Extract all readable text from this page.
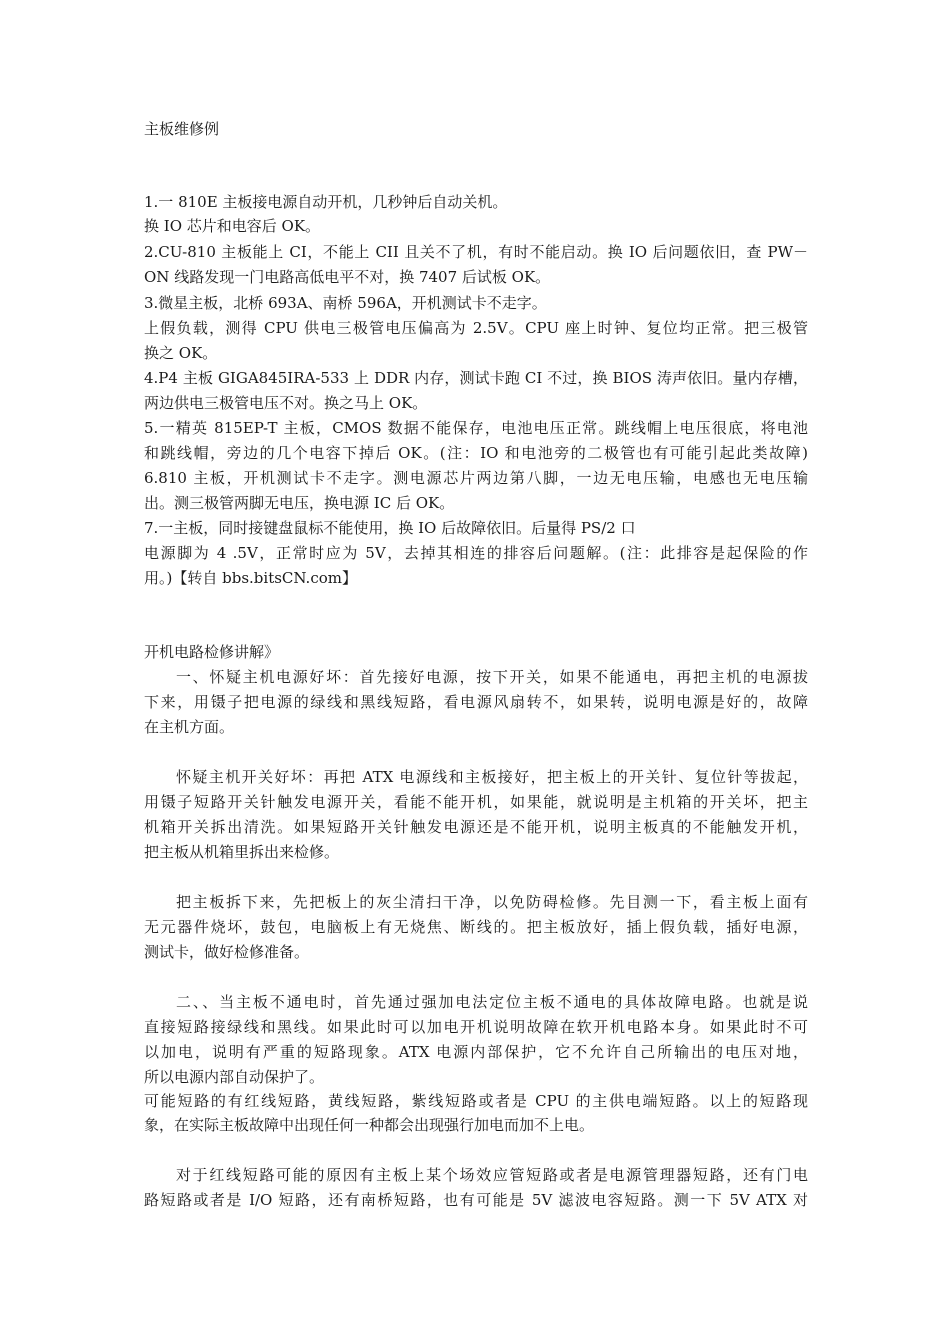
主板维修例
1.一 810E 主板接电源自动开机，几秒钟后自动关机。
换 IO 芯片和电容后 OK。
2.CU-810 主板能上 CI，不能上 CII 且关不了机，有时不能启动。换 IO 后问题依旧，查 PW－
ON 线路发现一门电路高低电平不对，换 7407 后试板 OK。
3.微星主板，北桥 693A、南桥 596A，开机测试卡不走字。
上假负载，测得 CPU 供电三极管电压偏高为 2.5V。CPU 座上时钟、复位均正常。把三极管
换之 OK。
4.P4 主板 GIGA845IRA-533 上 DDR 内存，测试卡跑 CI 不过，换 BIOS 涛声依旧。量内存槽，
两边供电三极管电压不对。换之马上 OK。
5.一精英 815EP-T 主板，CMOS 数据不能保存，电池电压正常。跳线帽上电压很底，将电池
和跳线帽，旁边的几个电容下掉后 OK。(注：IO 和电池旁的二极管也有可能引起此类故障)
6.810 主板，开机测试卡不走字。测电源芯片两边第八脚，一边无电压输，电感也无电压输
出。测三极管两脚无电压，换电源 IC 后 OK。
7.一主板，同时接键盘鼠标不能使用，换 IO 后故障依旧。后量得 PS/2 口
电源脚为 4 .5V，正常时应为 5V，去掉其相连的排容后问题解。(注：此排容是起保险的作
用。)【转自 bbs.bitsCN.com】
开机电路检修讲解》
一、怀疑主机电源好坏：首先接好电源，按下开关，如果不能通电，再把主机的电源拔
下来，用镊子把电源的绿线和黑线短路，看电源风扇转不，如果转，说明电源是好的，故障
在主机方面。
怀疑主机开关好坏：再把 ATX 电源线和主板接好，把主板上的开关针、复位针等拔起，
用镊子短路开关针触发电源开关，看能不能开机，如果能，就说明是主机箱的开关坏，把主
机箱开关拆出清洗。如果短路开关针触发电源还是不能开机，说明主板真的不能触发开机，
把主板从机箱里拆出来检修。
把主板拆下来，先把板上的灰尘清扫干净，以免防碍检修。先目测一下，看主板上面有
无元器件烧坏，鼓包，电脑板上有无烧焦、断线的。把主板放好，插上假负载，插好电源，
测试卡，做好检修准备。
二、、当主板不通电时，首先通过强加电法定位主板不通电的具体故障电路。也就是说
直接短路接绿线和黑线。如果此时可以加电开机说明故障在软开机电路本身。如果此时不可
以加电，说明有严重的短路现象。ATX 电源内部保护，它不允许自己所输出的电压对地，
所以电源内部自动保护了。
可能短路的有红线短路，黄线短路，紫线短路或者是 CPU 的主供电端短路。以上的短路现
象，在实际主板故障中出现任何一种都会出现强行加电而加不上电。
对于红线短路可能的原因有主板上某个场效应管短路或者是电源管理器短路，还有门电
路短路或者是 I/O 短路，还有南桥短路，也有可能是 5V 滤波电容短路。测一下 5V ATX 对
